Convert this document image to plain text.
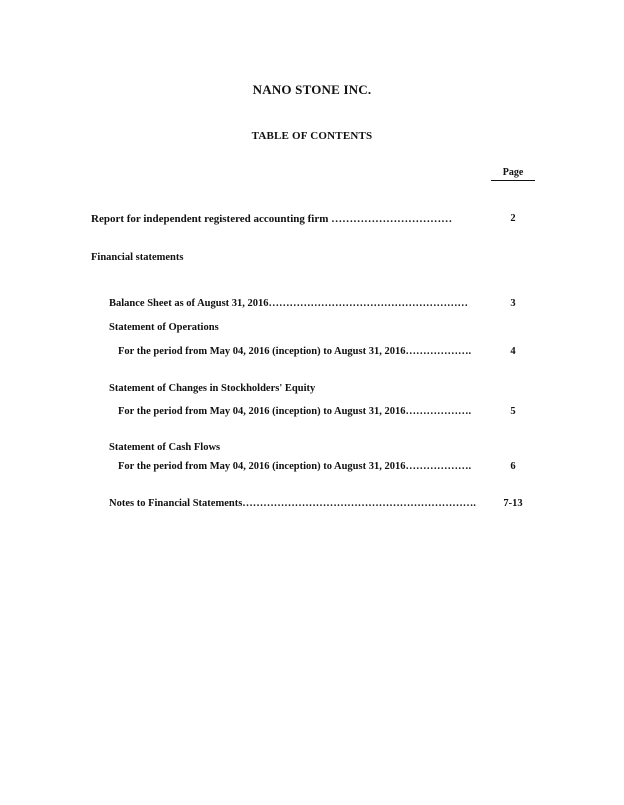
NANO STONE INC.
TABLE OF CONTENTS
Page
Report for independent registered accounting firm ……………………………	2
Financial statements
Balance Sheet as of August 31, 2016…………………………………………………	3
Statement of Operations
For the period from May 04, 2016 (inception) to August 31, 2016……………….	4
Statement of Changes in Stockholders' Equity
For the period from May 04, 2016 (inception) to August 31, 2016……………….	5
Statement of Cash Flows
For the period from May 04, 2016 (inception) to August 31, 2016……………….	6
Notes to Financial Statements………………………………………………………….	7-13
